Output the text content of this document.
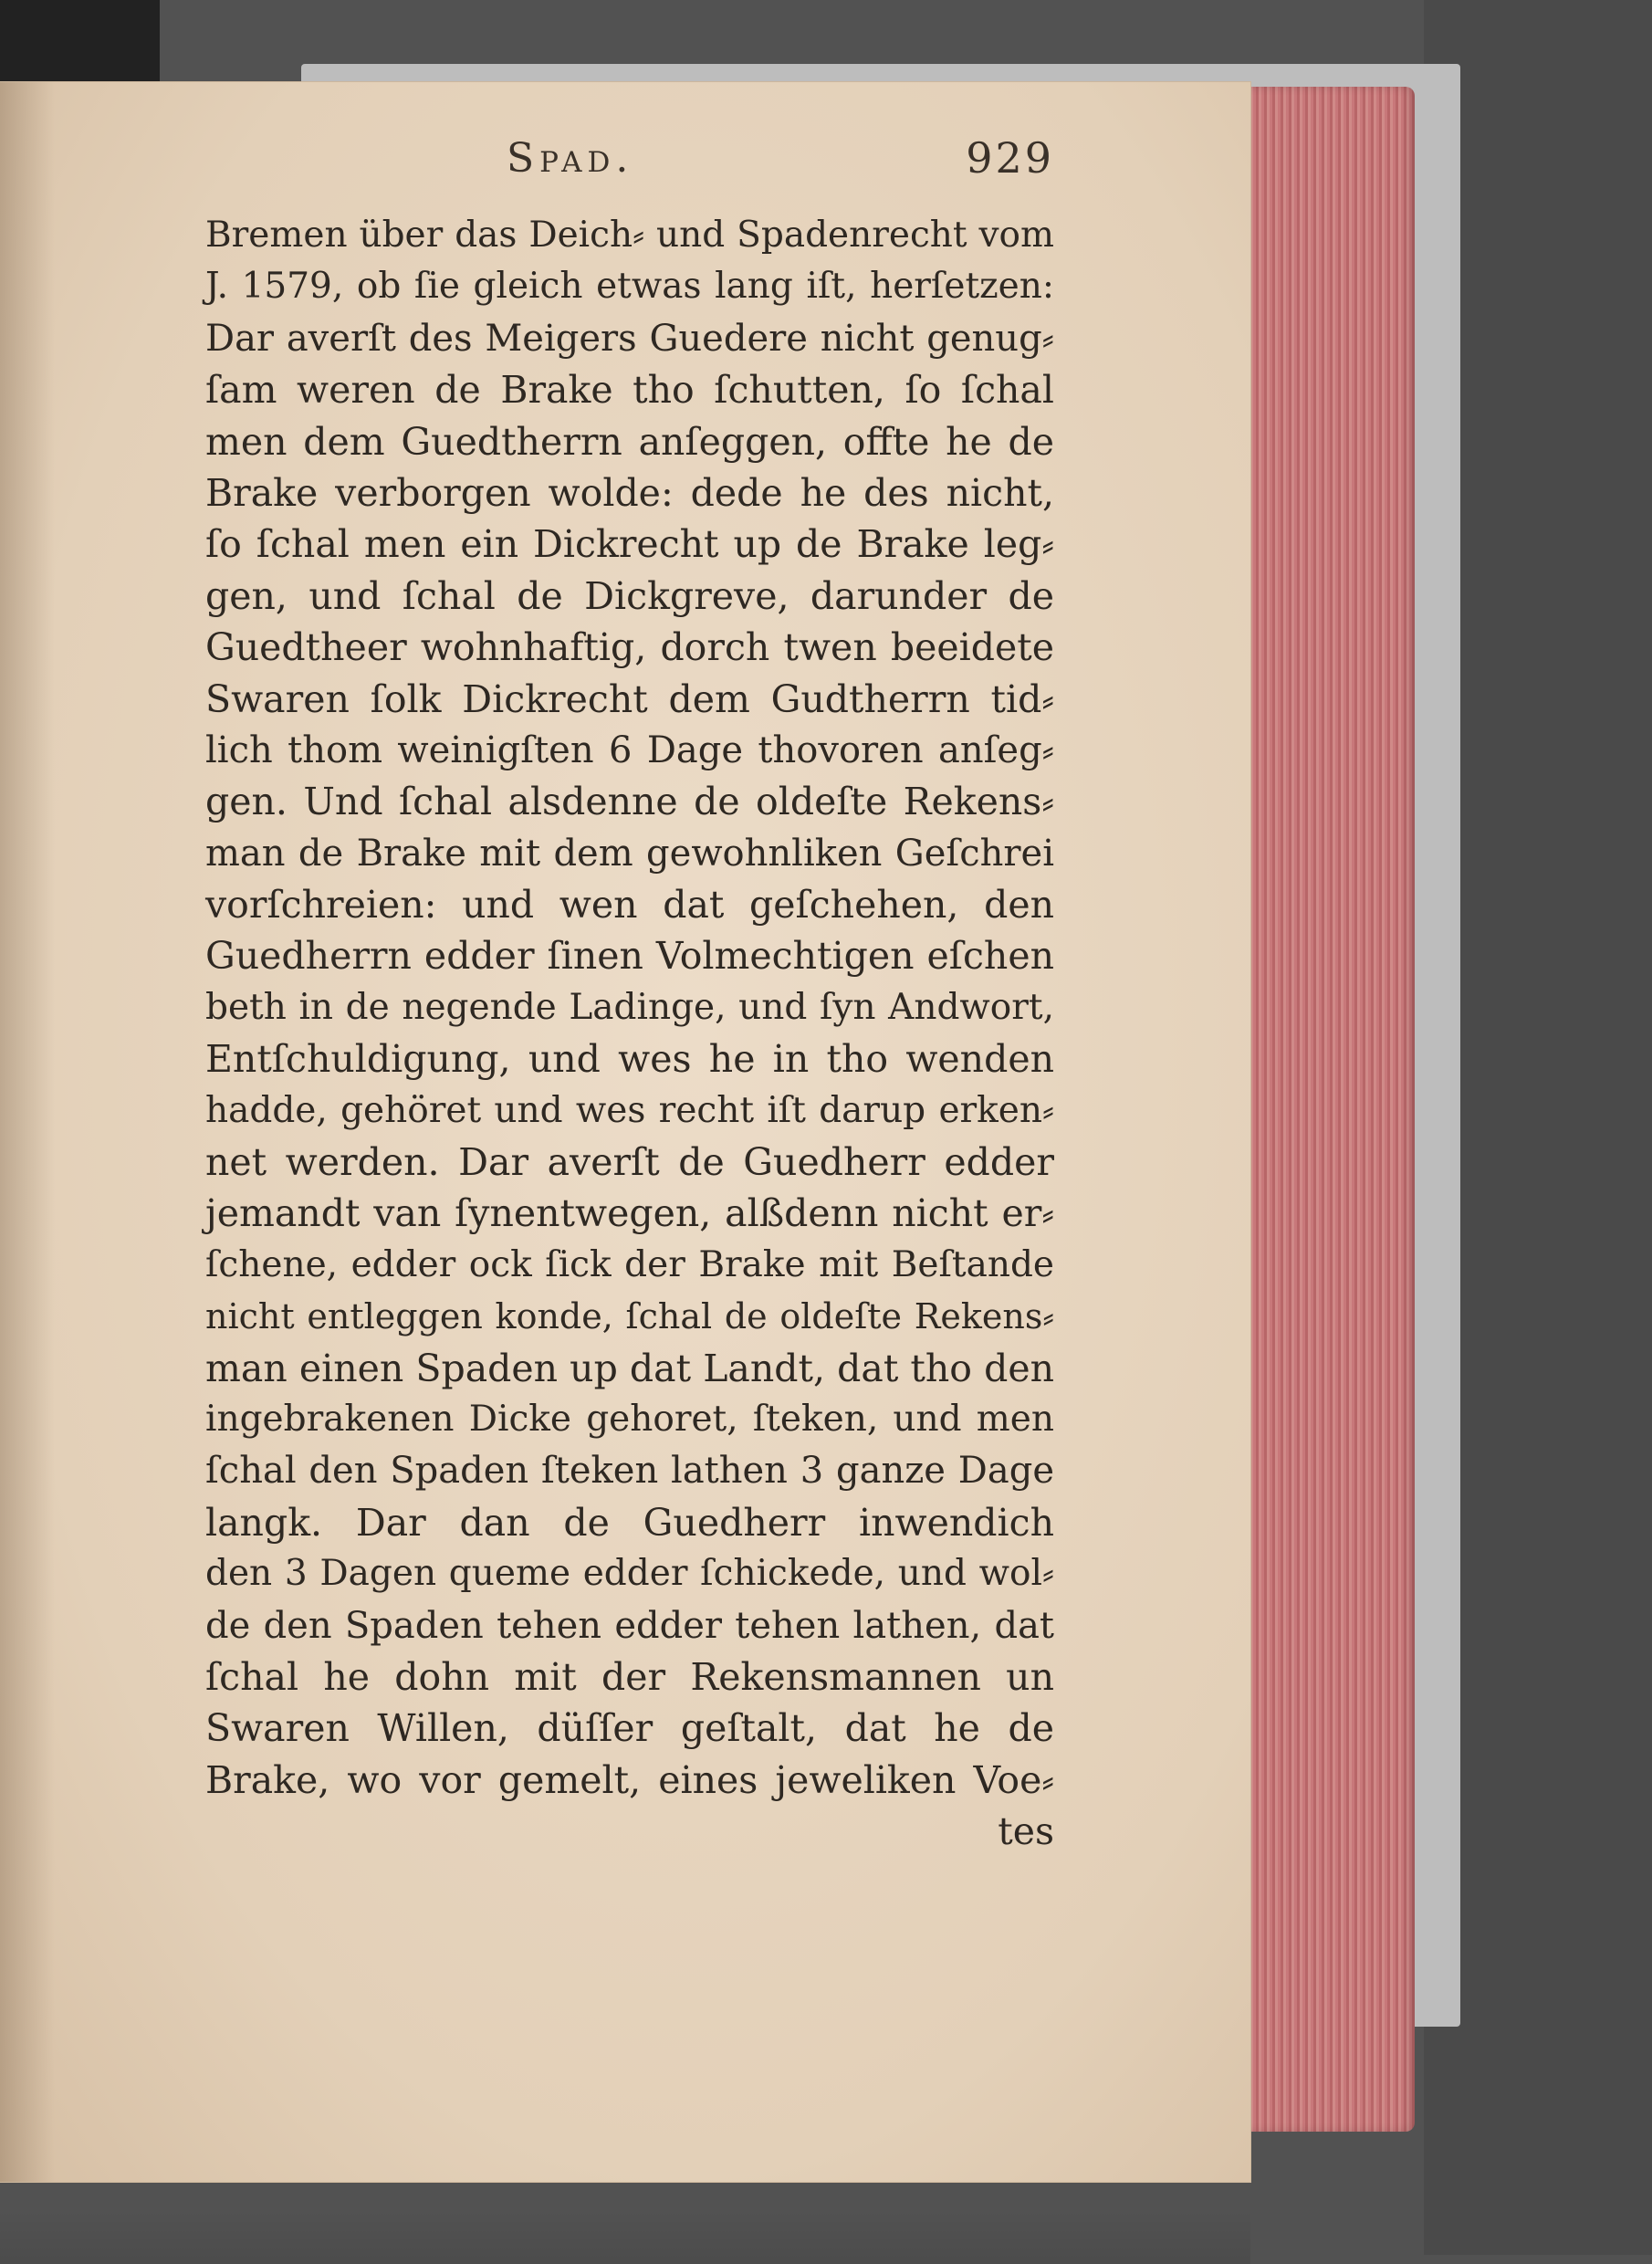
Spad.	929
Bremen über das Deich⸗ und Spadenrecht vom
J. 1579, ob ſie gleich etwas lang iſt, herſetzen:
Dar averſt des Meigers Guedere nicht genug⸗
ſam weren de Brake tho ſchutten, ſo ſchal
men dem Guedtherrn anſeggen, offte he de
Brake verborgen wolde: dede he des nicht,
ſo ſchal men ein Dickrecht up de Brake leg⸗
gen, und ſchal de Dickgreve, darunder de
Guedtheer wohnhaftig, dorch twen beeidete
Swaren ſolk Dickrecht dem Gudtherrn tid⸗
lich thom weinigſten 6 Dage thovoren anſeg⸗
gen. Und ſchal alsdenne de oldeſte Rekens⸗
man de Brake mit dem gewohnliken Geſchrei
vorſchreien: und wen dat geſchehen, den
Guedherrn edder ſinen Volmechtigen eſchen
beth in de negende Ladinge, und ſyn Andwort,
Entſchuldigung, und wes he in tho wenden
hadde, gehöret und wes recht iſt darup erken⸗
net werden. Dar averſt de Guedherr edder
jemandt van ſynentwegen, alßdenn nicht er⸗
ſchene, edder ock ſick der Brake mit Beſtande
nicht entleggen konde, ſchal de oldeſte Rekens⸗
man einen Spaden up dat Landt, dat tho den
ingebrakenen Dicke gehoret, ſteken, und men
ſchal den Spaden ſteken lathen 3 ganze Dage
langk. Dar dan de Guedherr inwendich
den 3 Dagen queme edder ſchickede, und wol⸗
de den Spaden tehen edder tehen lathen, dat
ſchal he dohn mit der Rekensmannen un
Swaren Willen, düſſer geſtalt, dat he de
Brake, wo vor gemelt, eines jeweliken Voe⸗
tes
